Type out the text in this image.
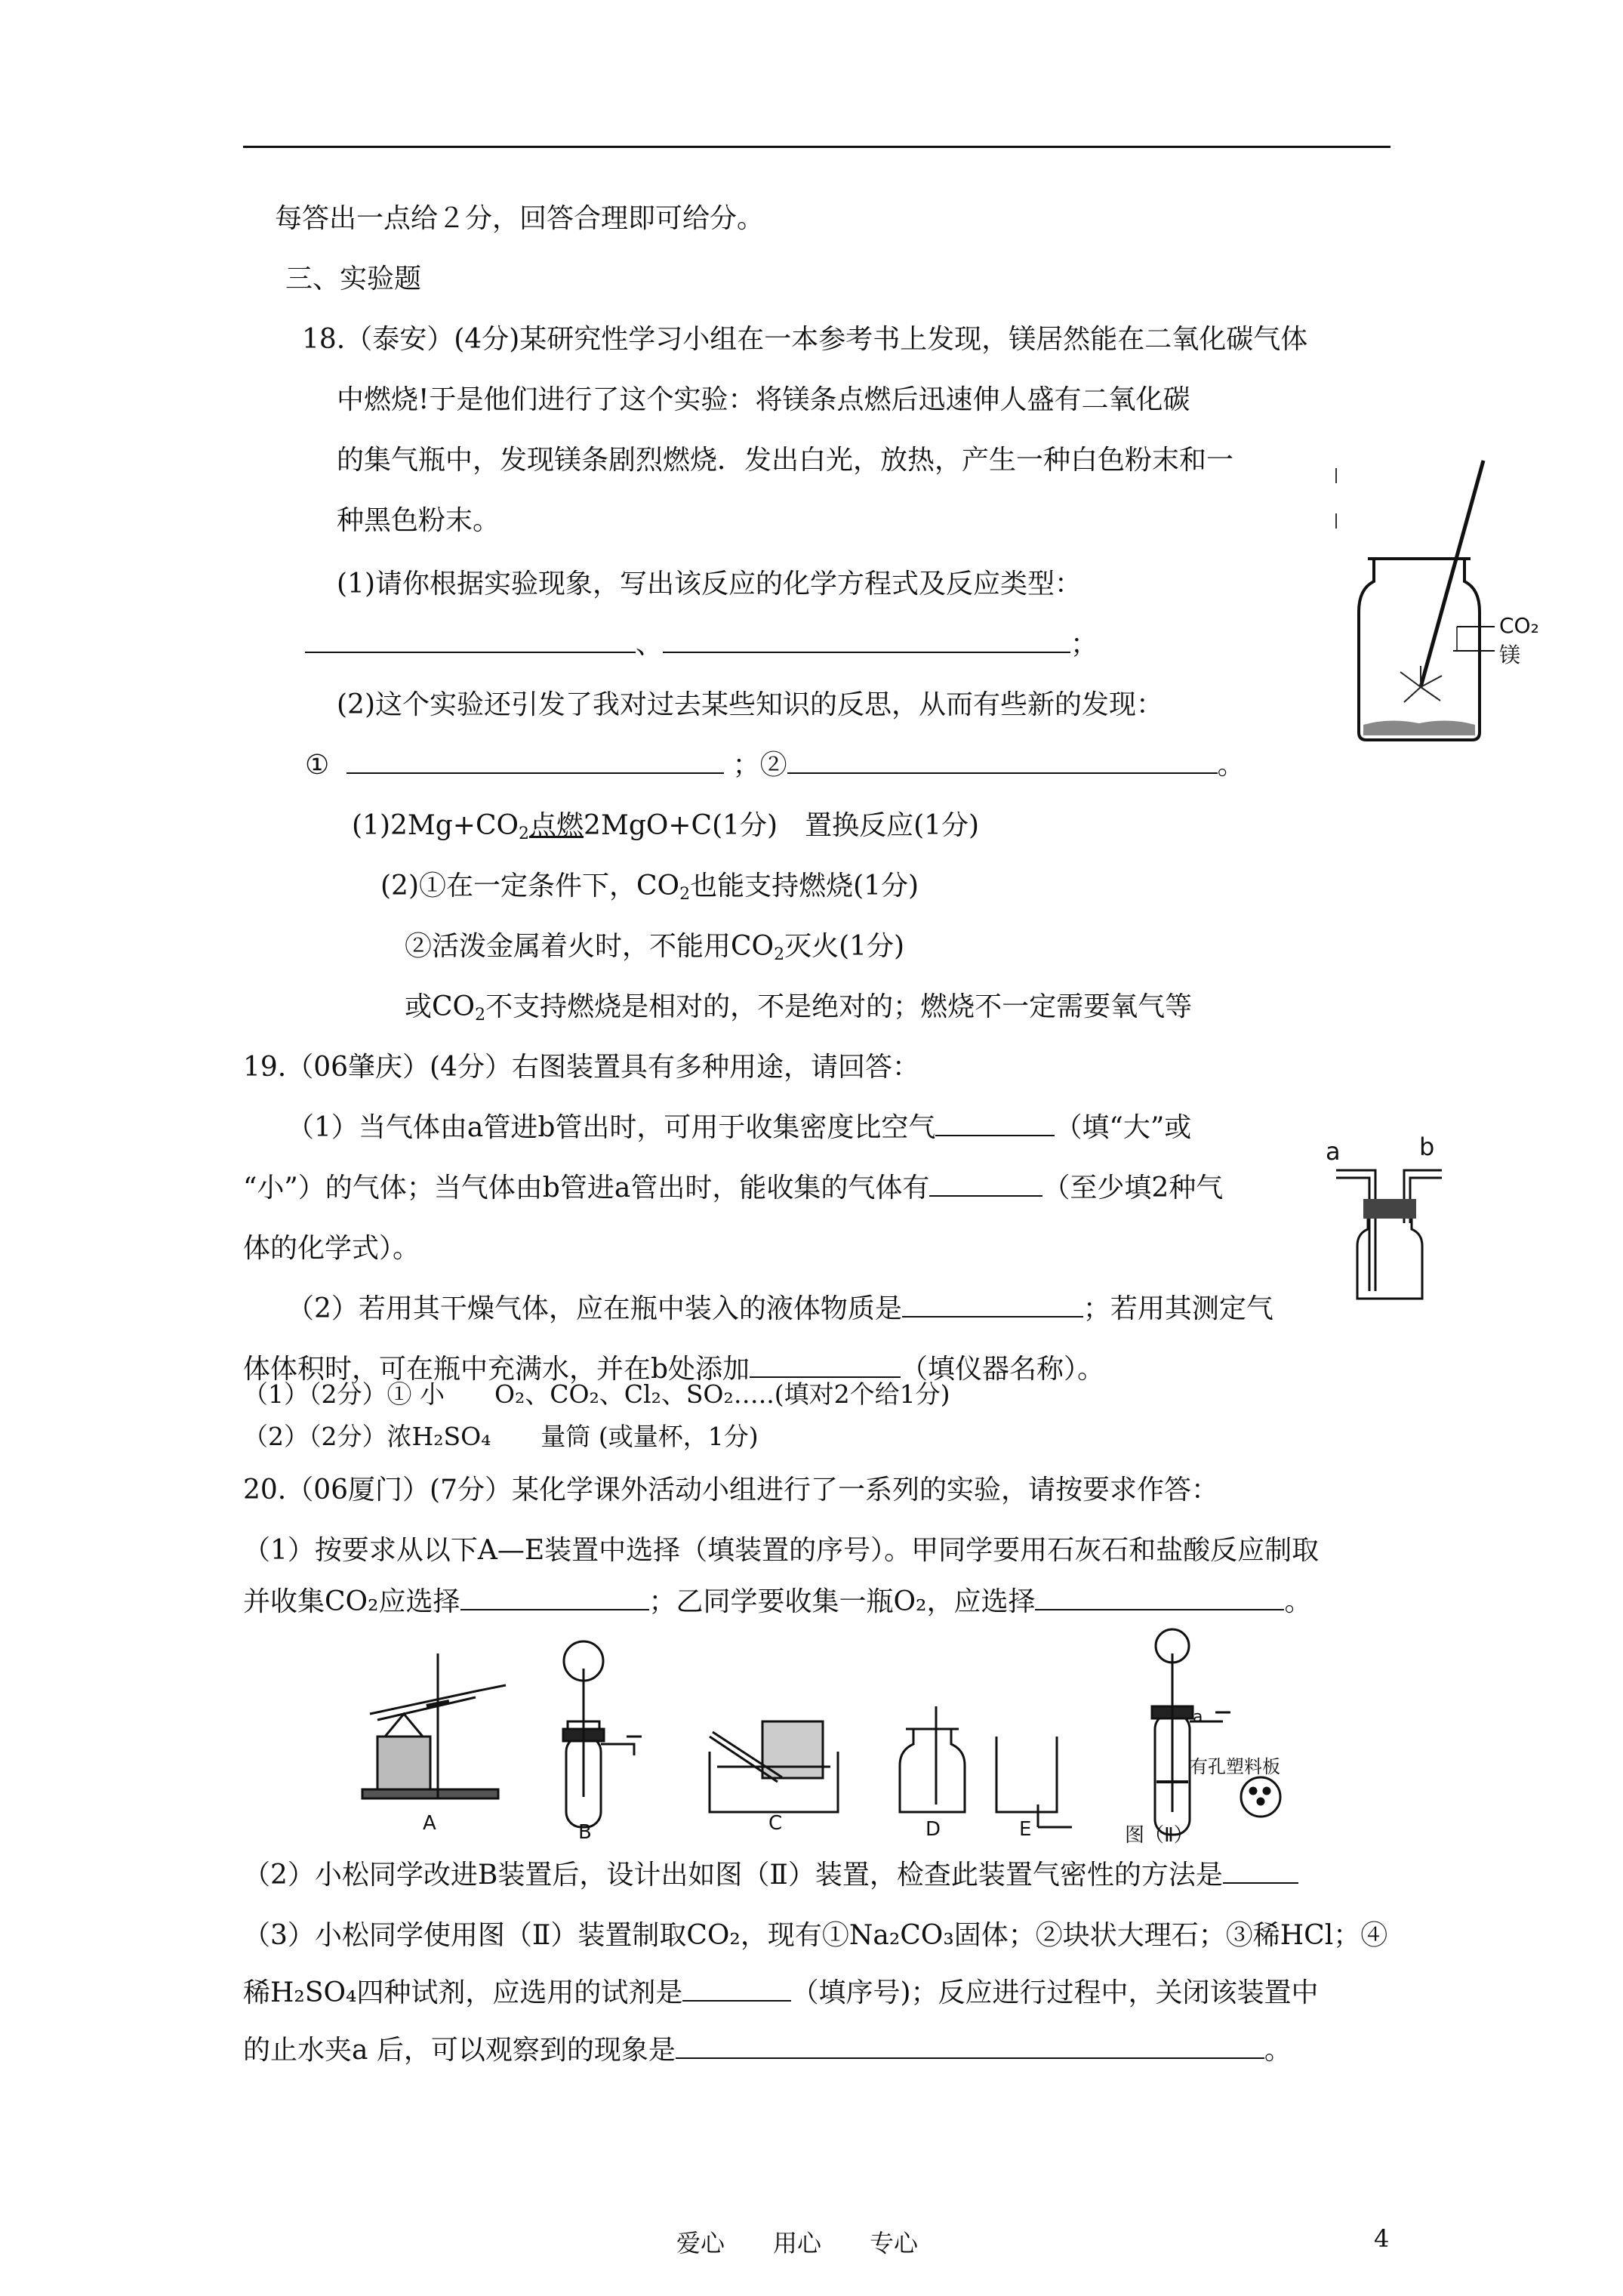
每答出一点给２分，回答合理即可给分。
三、实验题
18.（泰安）(4分)某研究性学习小组在一本参考书上发现，镁居然能在二氧化碳气体
中燃烧!于是他们进行了这个实验：将镁条点燃后迅速伸人盛有二氧化碳
的集气瓶中，发现镁条剧烈燃烧．发出白光，放热，产生一种白色粉末和一
种黑色粉末。
(1)请你根据实验现象，写出该反应的化学方程式及反应类型：
、	；
(2)这个实验还引发了我对过去某些知识的反思，从而有些新的发现：
①	；②	。
$(1)2Mg+CO_2$点燃2MgO+C(1分)　置换反应(1分)
(2)①在一定条件下，$CO_2$也能支持燃烧(1分)
②活泼金属着火时，不能用$CO_2$灭火(1分)
或$CO_2$不支持燃烧是相对的，不是绝对的；燃烧不一定需要氧气等
CO₂
镁
19.（06肇庆）(4分）右图装置具有多种用途，请回答：
（1）当气体由a管进b管出时，可用于收集密度比空气	（填“大”或
“小”）的气体；当气体由b管进a管出时，能收集的气体有	（至少填2种气
体的化学式）。
（2）若用其干燥气体，应在瓶中装入的液体物质是	；若用其测定气
体体积时，可在瓶中充满水，并在b处添加	（填仪器名称）。
（1）（2分）① 小　　O₂、CO₂、Cl₂、SO₂…..(填对2个给1分)
（2）（2分）浓H₂SO₄　　量筒 (或量杯，1分)
a	b
20.（06厦门）(7分）某化学课外活动小组进行了一系列的实验，请按要求作答：
（1）按要求从以下A—E装置中选择（填装置的序号）。甲同学要用石灰石和盐酸反应制取
并收集CO₂应选择	；乙同学要收集一瓶O₂，应选择	。
A	B	C	D	E
a
有孔塑料板
图（Ⅱ）
（2）小松同学改进B装置后，设计出如图（Ⅱ）装置，检查此装置气密性的方法是
（3）小松同学使用图（Ⅱ）装置制取CO₂，现有①Na₂CO₃固体；②块状大理石；③稀HCl；④
稀H₂SO₄四种试剂，应选用的试剂是	（填序号)；反应进行过程中，关闭该装置中
的止水夹a 后，可以观察到的现象是	。
爱心　　用心　　专心	4
